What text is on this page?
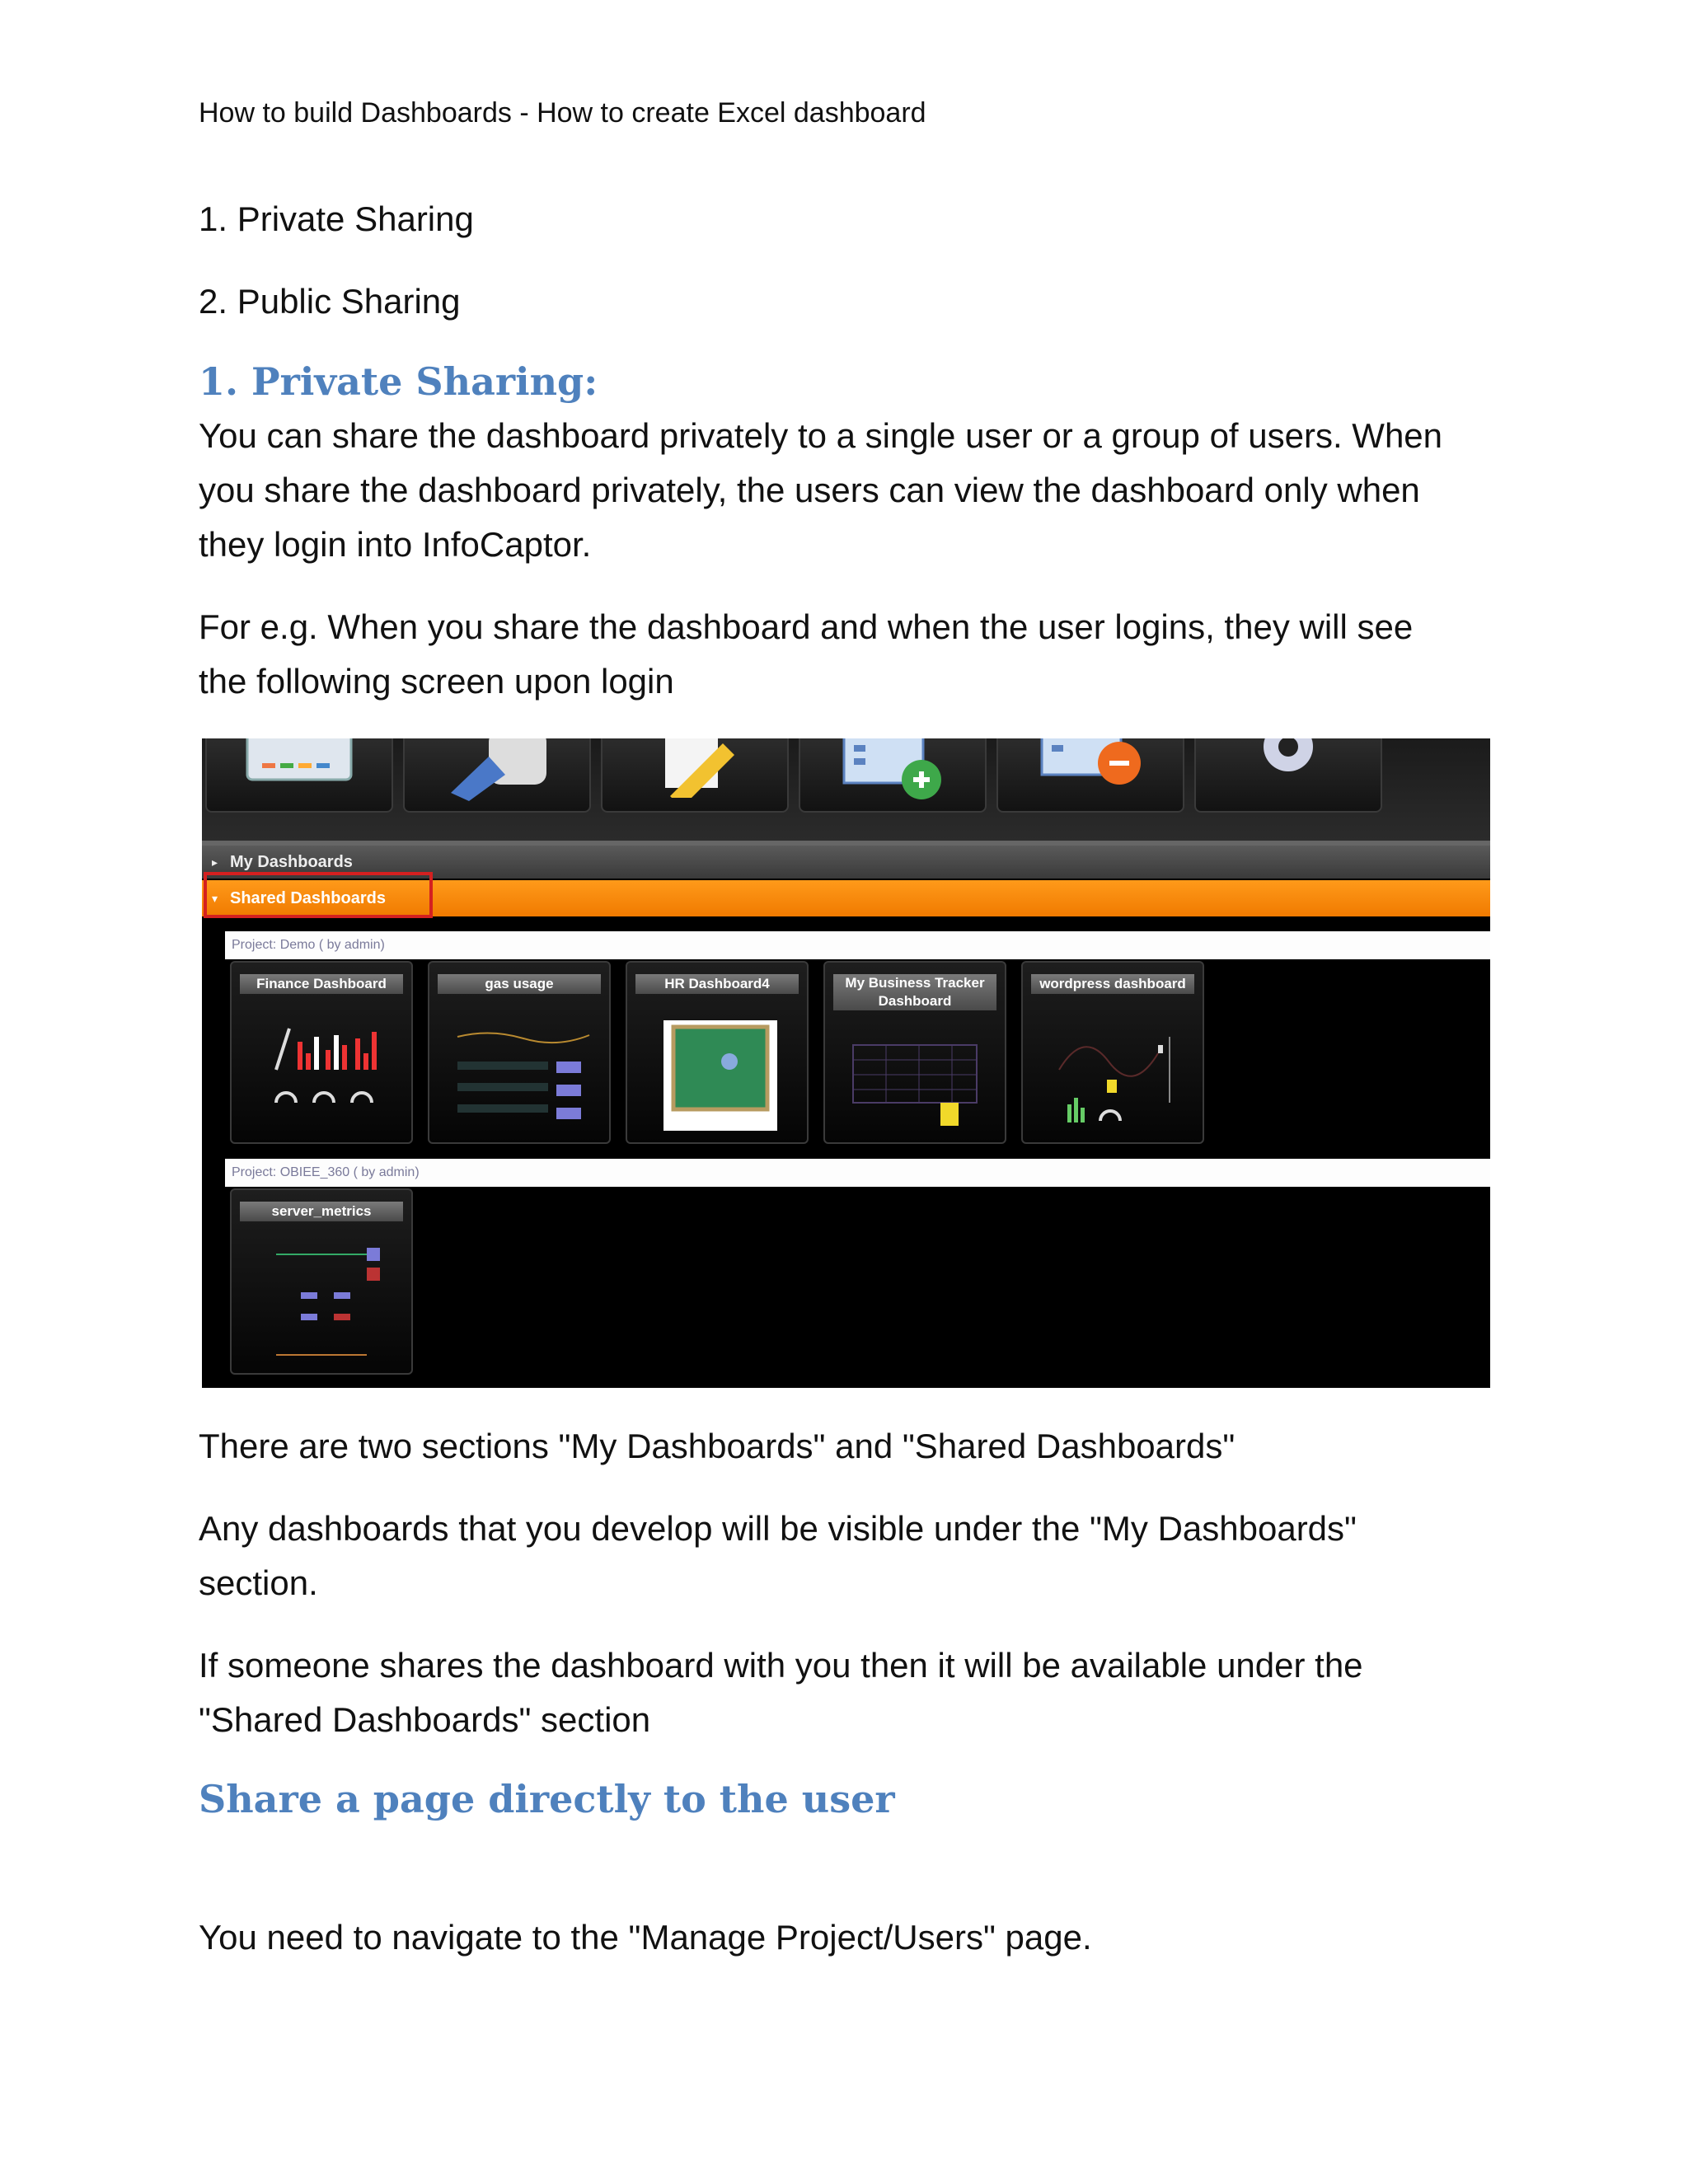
How to build Dashboards - How to create Excel dashboard
1. Private Sharing
2. Public Sharing
1. Private Sharing:

You can share the dashboard privately to a single user or a group of users. When

you share the dashboard privately, the users can view the dashboard only when

they login into InfoCaptor.

For e.g. When you share the dashboard and when the user logins, they will see

the following screen upon login

▸ My Dashboards
▾ Shared Dashboards
Project: Demo ( by admin)
Finance Dashboard	gas usage	HR Dashboard4	My Business Tracker Dashboard
wordpress dashboard
Project: OBIEE_360 ( by admin)
server_metrics

There are two sections "My Dashboards" and "Shared Dashboards"

Any dashboards that you develop will be visible under the "My Dashboards"

section.

If someone shares the dashboard with you then it will be available under the

"Shared Dashboards" section

Share a page directly to the user

You need to navigate to the "Manage Project/Users" page.
